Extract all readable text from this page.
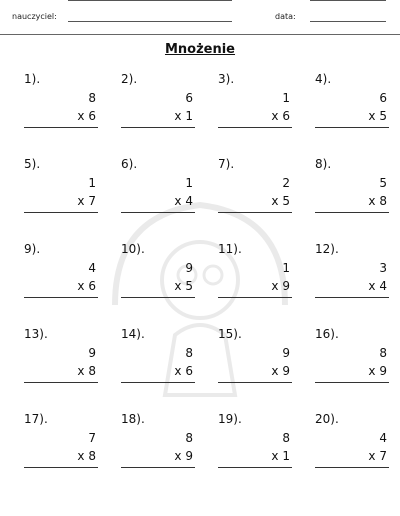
nauczyciel:	data:
Mnożenie
1).
8
x 6
2).
6
x 1
3).
1
x 6
4).
6
x 5
5).
1
x 7
6).
1
x 4
7).
2
x 5
8).
5
x 8
9).
4
x 6
10).
9
x 5
11).
1
x 9
12).
3
x 4
13).
9
x 8
14).
8
x 6
15).
9
x 9
16).
8
x 9
17).
7
x 8
18).
8
x 9
19).
8
x 1
20).
4
x 7
